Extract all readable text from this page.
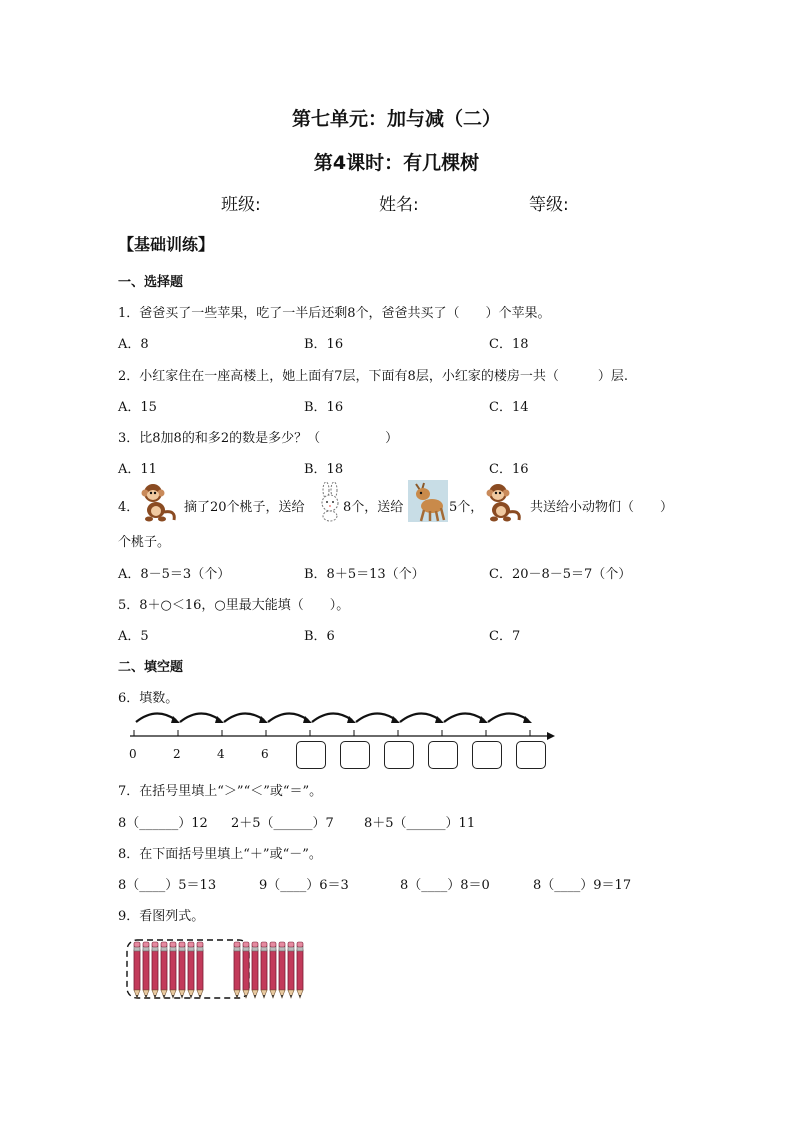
第七单元：加与减（二）
第4课时：有几棵树
班级:	姓名:	等级:
【基础训练】
一、选择题
1．爸爸买了一些苹果，吃了一半后还剩8个，爸爸共买了（　　）个苹果。
A．8	B．16	C．18
2．小红家住在一座高楼上，她上面有7层，下面有8层，小红家的楼房一共（　　　）层.
A．15	B．16	C．14
3．比8加8的和多2的数是多少？（　　　　　）
A．11	B．18	C．16
4．	摘了20个桃子，送给	8个，送给	5个，	共送给小动物们（　　）
个桃子。
A．8－5＝3（个）	B．8＋5＝13（个）	C．20－8－5＝7（个）
5．8＋○＜16，○里最大能填（　　）。
A．5	B．6	C．7
二、填空题
6．填数。
0	2	4	6
7．在括号里填上“＞”“＜”或“＝”。
8（______）12 2＋5（______）7 8＋5（______）11
8．在下面括号里填上“＋”或“－”。
8（____）5＝13	9（____）6＝3	8（____）8＝0	8（____）9＝17
9．看图列式。
